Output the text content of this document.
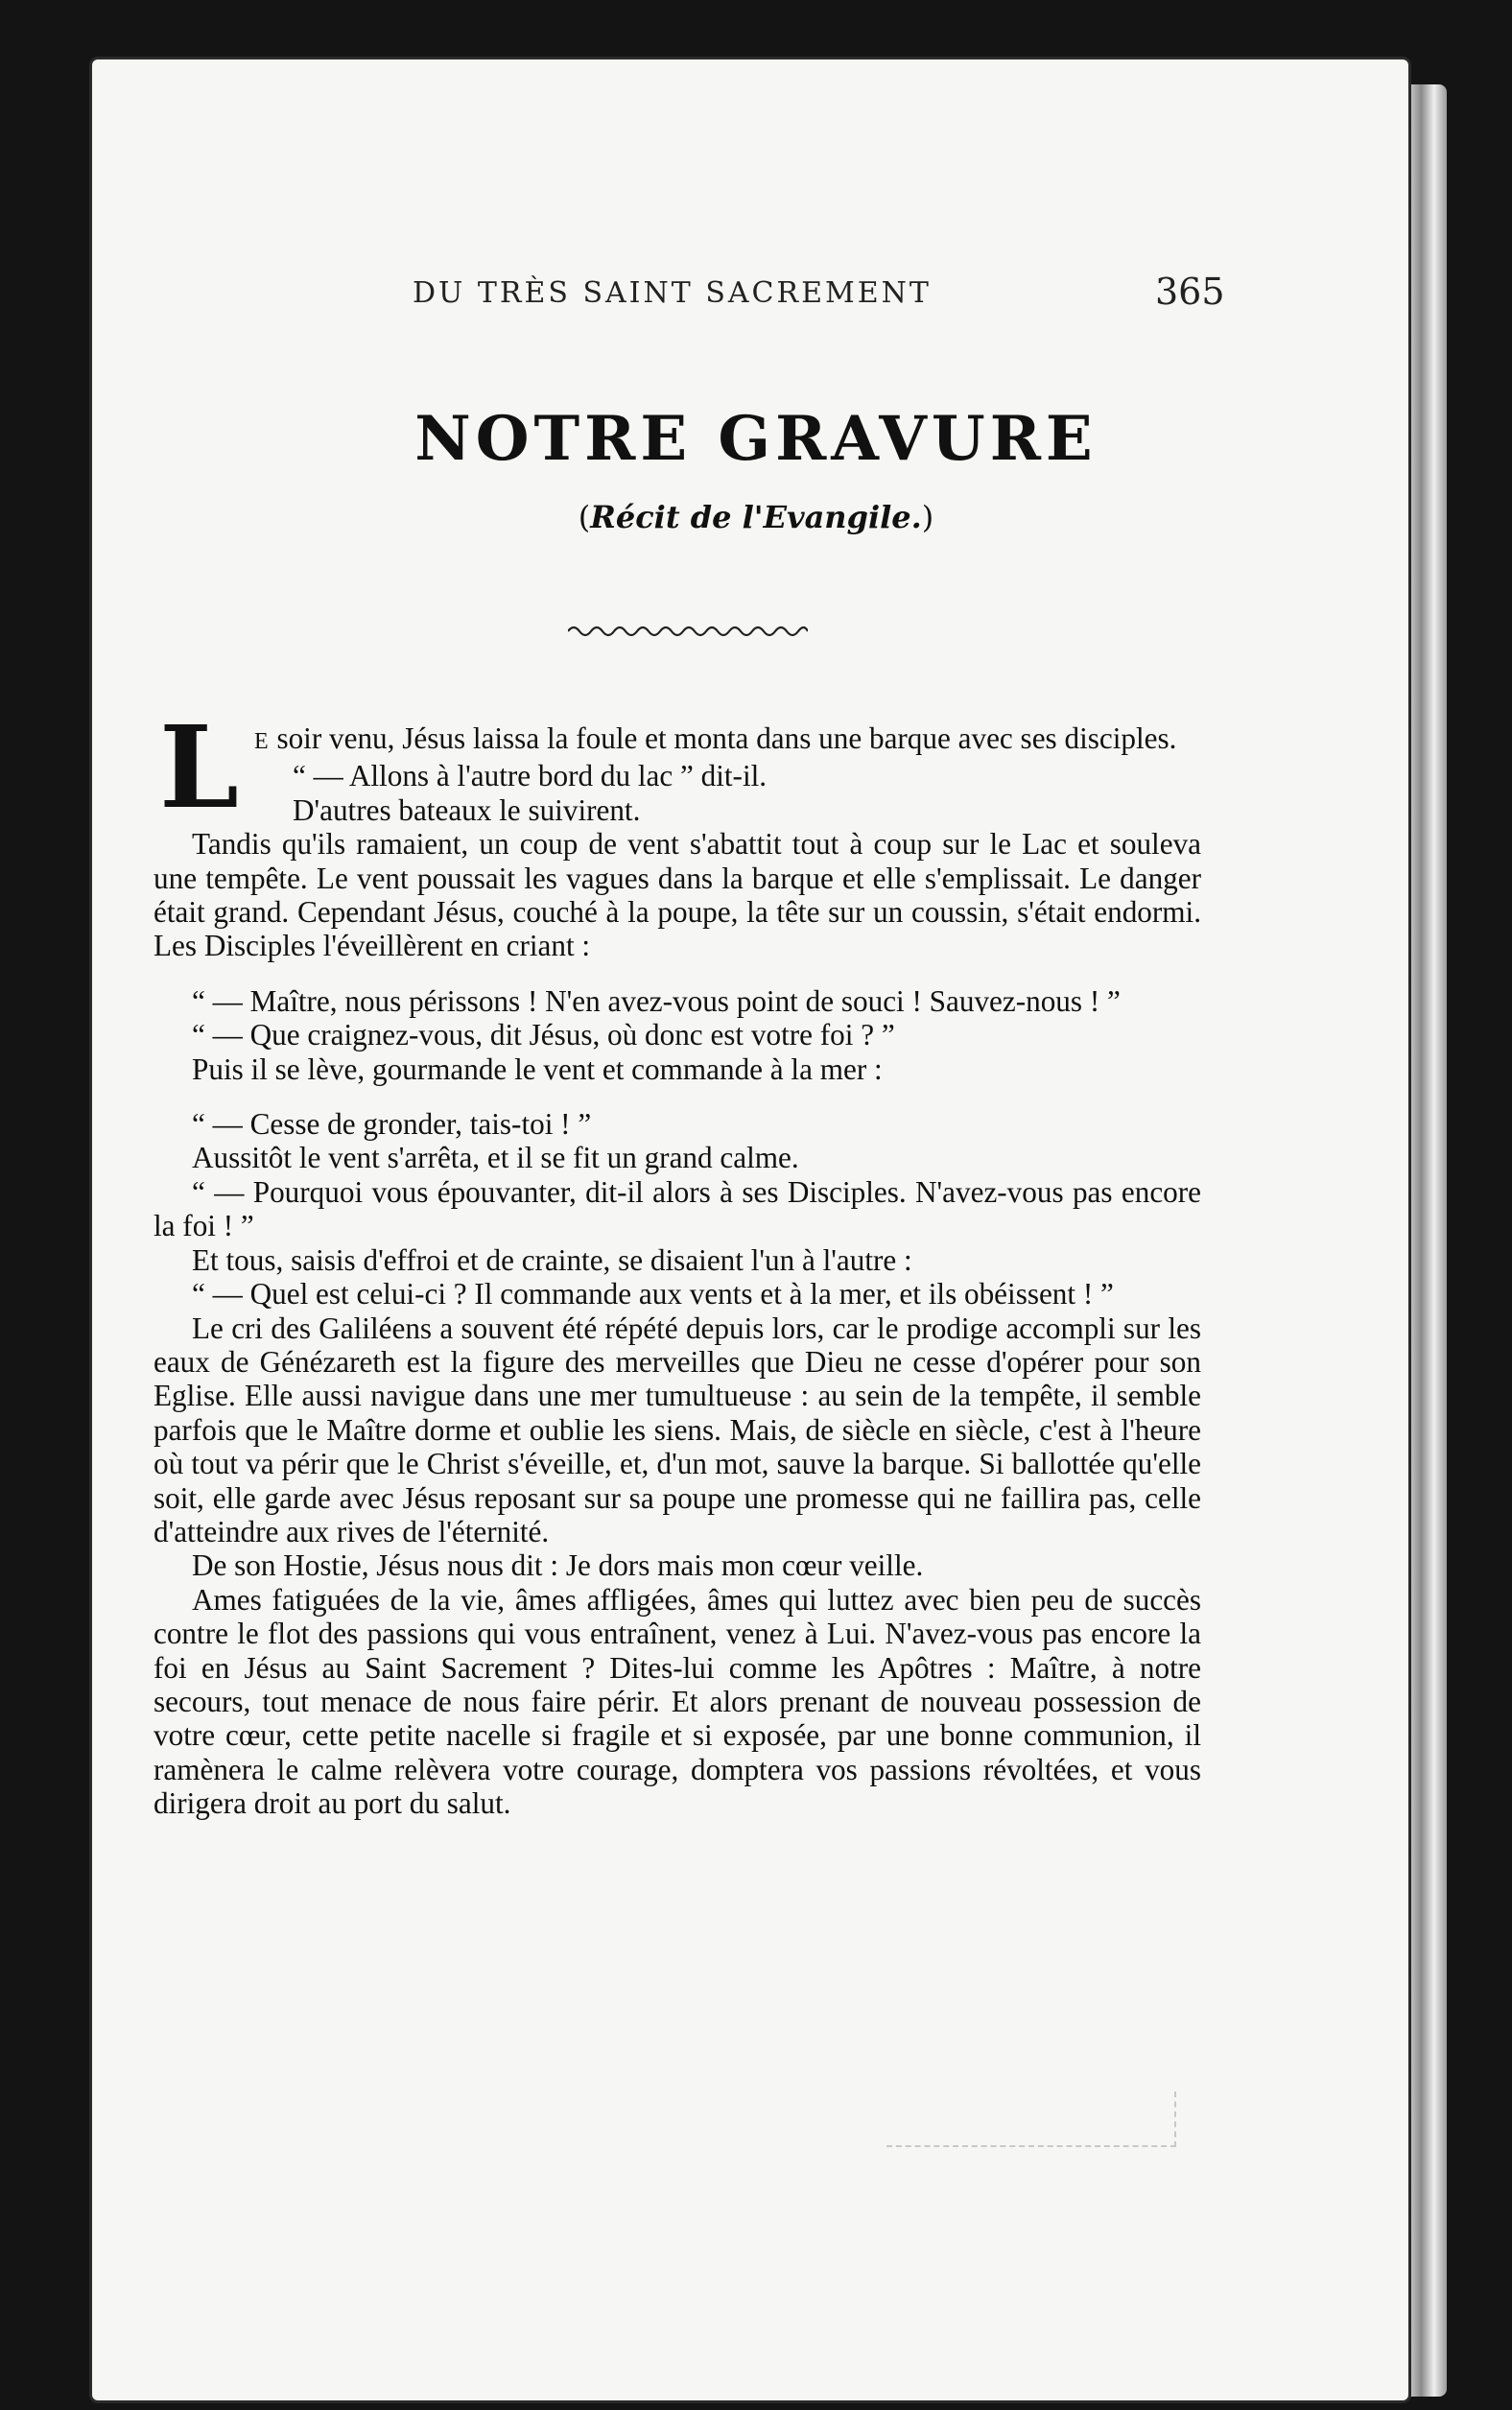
DU TRÈS SAINT SACREMENT	365
NOTRE GRAVURE
(Récit de l'Evangile.)

L E soir venu, Jésus laissa la foule et monta dans une barque avec ses disciples.

“ — Allons à l'autre bord du lac ” dit-il.

D'autres bateaux le suivirent.

Tandis qu'ils ramaient, un coup de vent s'abattit tout à coup sur le Lac et souleva une tempête. Le vent poussait les vagues dans la barque et elle s'emplissait. Le danger était grand. Cependant Jésus, couché à la poupe, la tête sur un coussin, s'était endormi. Les Disciples l'éveillèrent en criant :

“ — Maître, nous périssons ! N'en avez-vous point de souci ! Sauvez-nous ! ”

“ — Que craignez-vous, dit Jésus, où donc est votre foi ? ”

Puis il se lève, gourmande le vent et commande à la mer :

“ — Cesse de gronder, tais-toi ! ”

Aussitôt le vent s'arrêta, et il se fit un grand calme.

“ — Pourquoi vous épouvanter, dit-il alors à ses Disciples. N'avez-vous pas encore la foi ! ”

Et tous, saisis d'effroi et de crainte, se disaient l'un à l'autre :

“ — Quel est celui-ci ? Il commande aux vents et à la mer, et ils obéissent ! ”

Le cri des Galiléens a souvent été répété depuis lors, car le prodige accompli sur les eaux de Génézareth est la figure des merveilles que Dieu ne cesse d'opérer pour son Eglise. Elle aussi navigue dans une mer tumultueuse : au sein de la tempête, il semble parfois que le Maître dorme et oublie les siens. Mais, de siècle en siècle, c'est à l'heure où tout va périr que le Christ s'éveille, et, d'un mot, sauve la barque. Si ballottée qu'elle soit, elle garde avec Jésus reposant sur sa poupe une promesse qui ne faillira pas, celle d'atteindre aux rives de l'éternité.

De son Hostie, Jésus nous dit : Je dors mais mon cœur veille.

Ames fatiguées de la vie, âmes affligées, âmes qui luttez avec bien peu de succès contre le flot des passions qui vous entraînent, venez à Lui. N'avez-vous pas encore la foi en Jésus au Saint Sacrement ? Dites-lui comme les Apôtres : Maître, à notre secours, tout menace de nous faire périr. Et alors prenant de nouveau possession de votre cœur, cette petite nacelle si fragile et si exposée, par une bonne communion, il ramènera le calme relèvera votre courage, domptera vos passions révoltées, et vous dirigera droit au port du salut.
